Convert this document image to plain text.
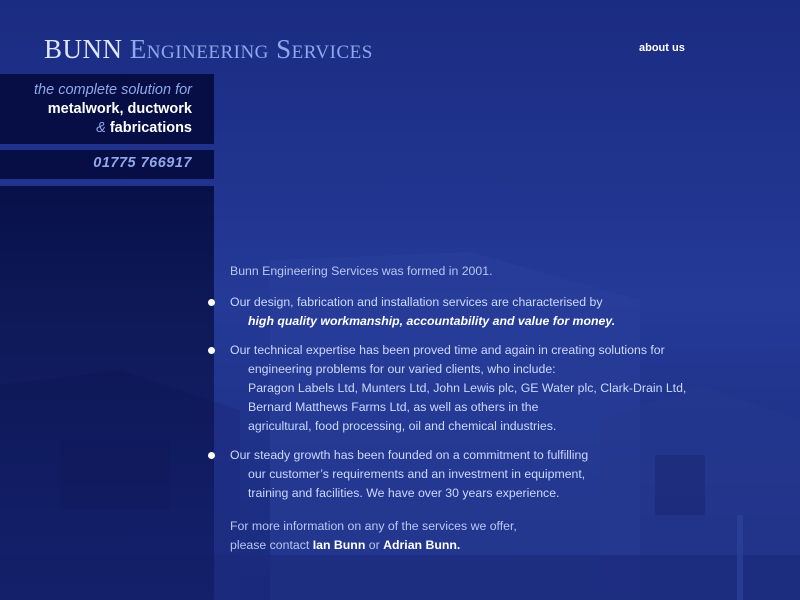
BUNN Engineering Services	about us
the complete solution for
metalwork, ductwork
& fabrications
01775 766917

Bunn Engineering Services was formed in 2001.

Our design, fabrication and installation services are characterised by
high quality workmanship, accountability and value for money.
Our technical expertise has been proved time and again in creating solutions for
engineering problems for our varied clients, who include:
Paragon Labels Ltd, Munters Ltd, John Lewis plc, GE Water plc, Clark-Drain Ltd,
Bernard Matthews Farms Ltd, as well as others in the
agricultural, food processing, oil and chemical industries.
Our steady growth has been founded on a commitment to fulfilling
our customer’s requirements and an investment in equipment,
training and facilities. We have over 30 years experience.
For more information on any of the services we offer,
please contact Ian Bunn or Adrian Bunn.
